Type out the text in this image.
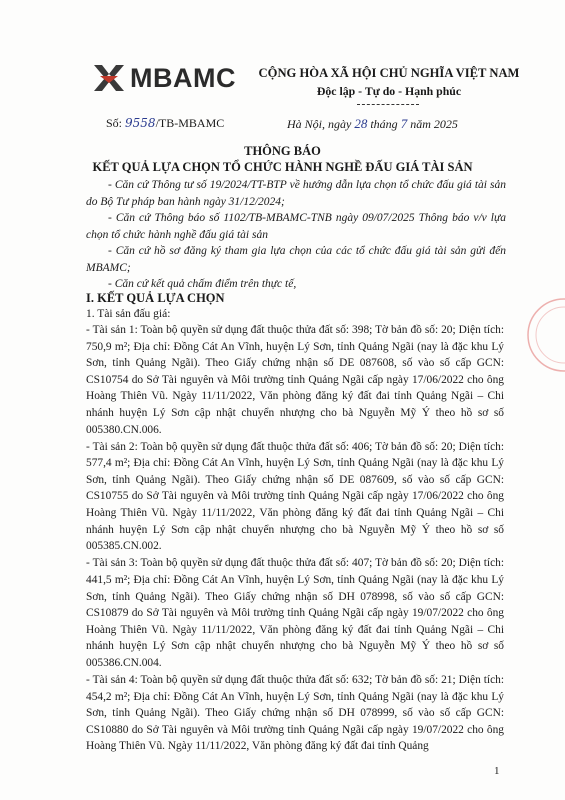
MBAMC CỘNG HÒA XÃ HỘI CHỦ NGHĨA VIỆT NAM
Độc lập - Tự do - Hạnh phúc
Số: 9558/TB-MBAMC	Hà Nội, ngày 28 tháng 7 năm 2025
THÔNG BÁO
KẾT QUẢ LỰA CHỌN TỔ CHỨC HÀNH NGHỀ ĐẤU GIÁ TÀI SẢN

- Căn cứ Thông tư số 19/2024/TT-BTP về hướng dẫn lựa chọn tổ chức đấu giá tài sản do Bộ Tư pháp ban hành ngày 31/12/2024;

- Căn cứ Thông báo số 1102/TB-MBAMC-TNB ngày 09/07/2025 Thông báo v/v lựa chọn tổ chức hành nghề đấu giá tài sản

- Căn cứ hồ sơ đăng ký tham gia lựa chọn của các tổ chức đấu giá tài sản gửi đến MBAMC;

- Căn cứ kết quả chấm điểm trên thực tế,

I. KẾT QUẢ LỰA CHỌN
1. Tài sản đấu giá:

- Tài sản 1: Toàn bộ quyền sử dụng đất thuộc thửa đất số: 398; Tờ bản đồ số: 20; Diện tích: 750,9 m²; Địa chỉ: Đồng Cát An Vĩnh, huyện Lý Sơn, tỉnh Quảng Ngãi (nay là đặc khu Lý Sơn, tỉnh Quảng Ngãi). Theo Giấy chứng nhận số DE 087608, số vào số cấp GCN: CS10754 do Sở Tài nguyên và Môi trường tỉnh Quảng Ngãi cấp ngày 17/06/2022 cho ông Hoàng Thiên Vũ. Ngày 11/11/2022, Văn phòng đăng ký đất đai tỉnh Quảng Ngãi – Chi nhánh huyện Lý Sơn cập nhật chuyển nhượng cho bà Nguyễn Mỹ Ý theo hồ sơ số 005380.CN.006.

- Tài sản 2: Toàn bộ quyền sử dụng đất thuộc thửa đất số: 406; Tờ bản đồ số: 20; Diện tích: 577,4 m²; Địa chỉ: Đồng Cát An Vĩnh, huyện Lý Sơn, tỉnh Quảng Ngãi (nay là đặc khu Lý Sơn, tỉnh Quảng Ngãi). Theo Giấy chứng nhận số DE 087609, số vào số cấp GCN: CS10755 do Sở Tài nguyên và Môi trường tỉnh Quảng Ngãi cấp ngày 17/06/2022 cho ông Hoàng Thiên Vũ. Ngày 11/11/2022, Văn phòng đăng ký đất đai tỉnh Quảng Ngãi – Chi nhánh huyện Lý Sơn cập nhật chuyển nhượng cho bà Nguyễn Mỹ Ý theo hồ sơ số 005385.CN.002.

- Tài sản 3: Toàn bộ quyền sử dụng đất thuộc thửa đất số: 407; Tờ bản đồ số: 20; Diện tích: 441,5 m²; Địa chỉ: Đồng Cát An Vĩnh, huyện Lý Sơn, tỉnh Quảng Ngãi (nay là đặc khu Lý Sơn, tỉnh Quảng Ngãi). Theo Giấy chứng nhận số DH 078998, số vào số cấp GCN: CS10879 do Sở Tài nguyên và Môi trường tỉnh Quảng Ngãi cấp ngày 19/07/2022 cho ông Hoàng Thiên Vũ. Ngày 11/11/2022, Văn phòng đăng ký đất đai tỉnh Quảng Ngãi – Chi nhánh huyện Lý Sơn cập nhật chuyển nhượng cho bà Nguyễn Mỹ Ý theo hồ sơ số 005386.CN.004.

- Tài sản 4: Toàn bộ quyền sử dụng đất thuộc thửa đất số: 632; Tờ bản đồ số: 21; Diện tích: 454,2 m²; Địa chỉ: Đồng Cát An Vĩnh, huyện Lý Sơn, tỉnh Quảng Ngãi (nay là đặc khu Lý Sơn, tỉnh Quảng Ngãi). Theo Giấy chứng nhận số DH 078999, số vào số cấp GCN: CS10880 do Sở Tài nguyên và Môi trường tỉnh Quảng Ngãi cấp ngày 19/07/2022 cho ông Hoàng Thiên Vũ. Ngày 11/11/2022, Văn phòng đăng ký đất đai tỉnh Quảng

1
